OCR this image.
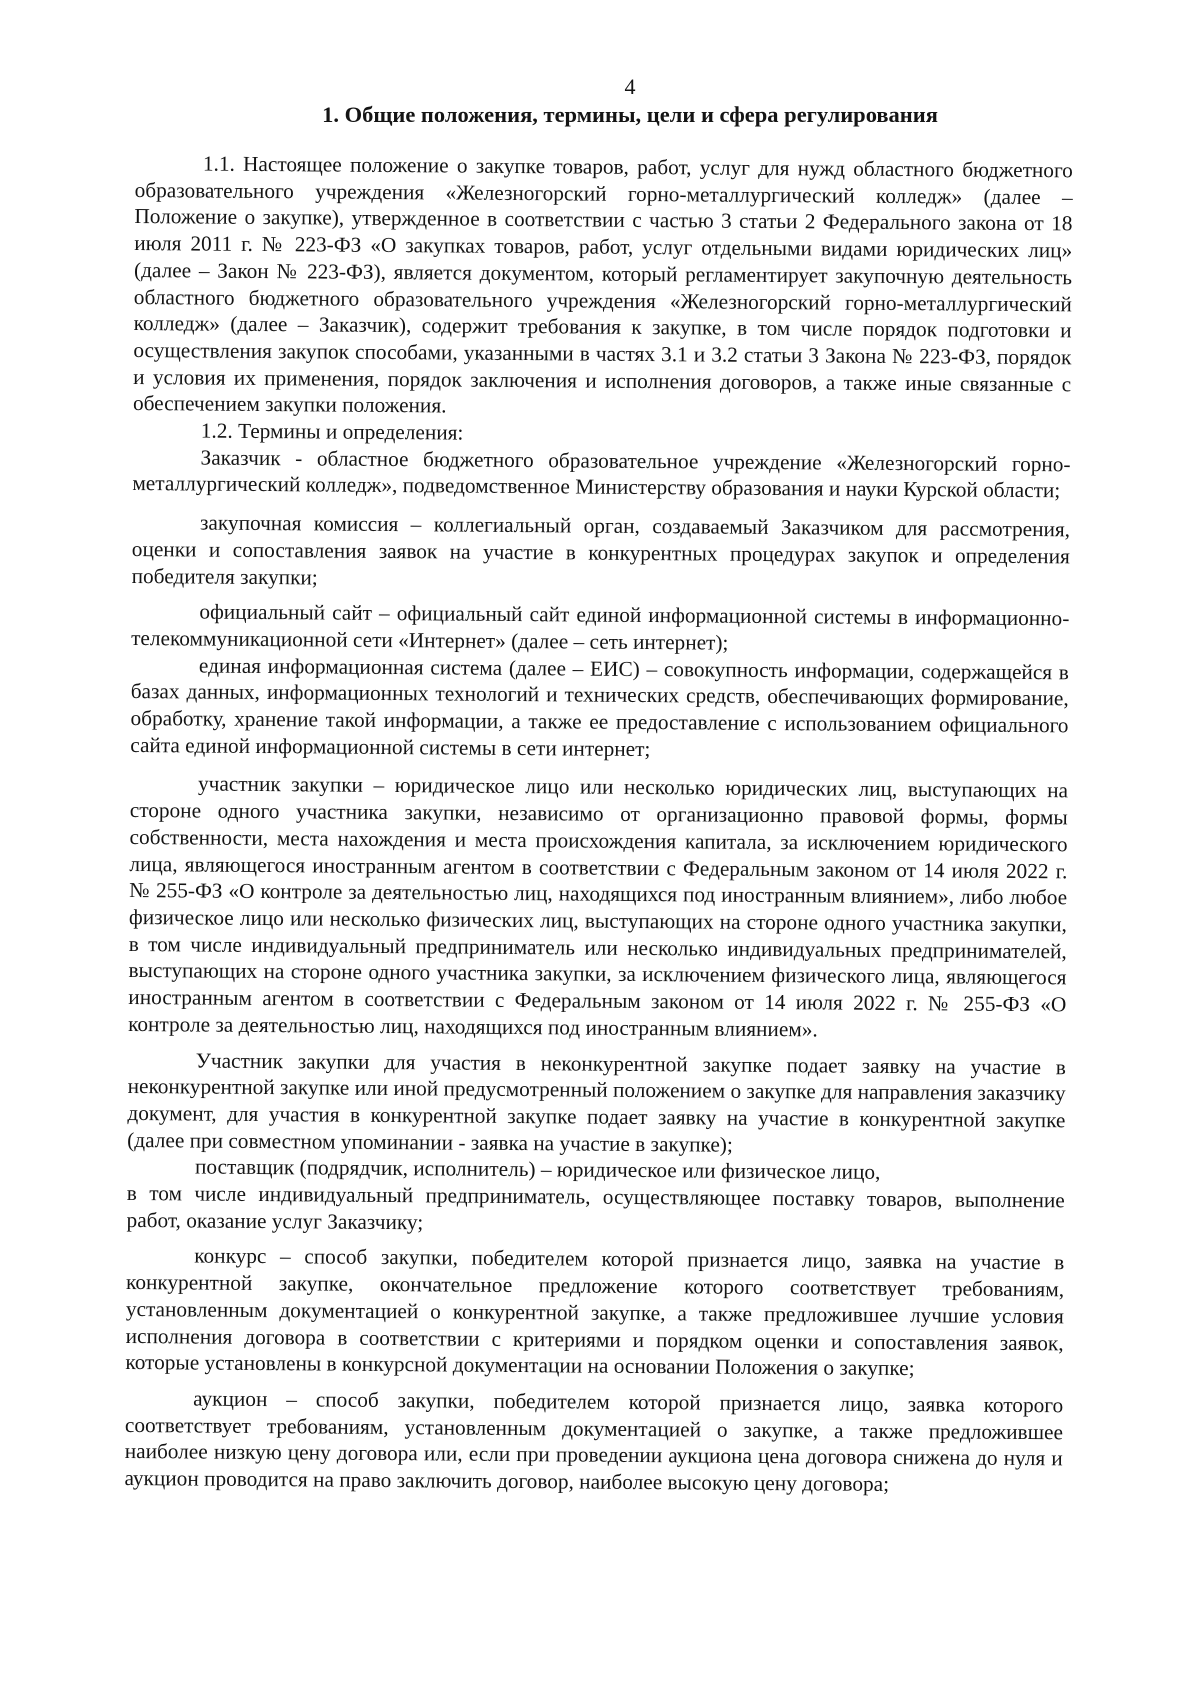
4
1. Общие положения, термины, цели и сфера регулирования

1.1. Настоящее положение о закупке товаров, работ, услуг для нужд областного бюджетного образовательного учреждения «Железногорский горно-металлургический колледж» (далее – Положение о закупке), утвержденное в соответствии с частью 3 статьи 2 Федерального закона от 18 июля 2011 г. № 223-ФЗ «О закупках товаров, работ, услуг отдельными видами юридических лиц» (далее – Закон № 223-ФЗ), является документом, который регламентирует закупочную деятельность областного бюджетного образовательного учреждения «Железногорский горно-металлургический колледж» (далее – Заказчик), содержит требования к закупке, в том числе порядок подготовки и осуществления закупок способами, указанными в частях 3.1 и 3.2 статьи 3 Закона № 223-ФЗ, порядок и условия их применения, порядок заключения и исполнения договоров, а также иные связанные с обеспечением закупки положения.

1.2. Термины и определения:

Заказчик - областное бюджетного образовательное учреждение «Железногорский горно-металлургический колледж», подведомственное Министерству образования и науки Курской области;

закупочная комиссия – коллегиальный орган, создаваемый Заказчиком для рассмотрения, оценки и сопоставления заявок на участие в конкурентных процедурах закупок и определения победителя закупки;

официальный сайт – официальный сайт единой информационной системы в информационно-телекоммуникационной сети «Интернет» (далее – сеть интернет);

единая информационная система (далее – ЕИС) – совокупность информации, содержащейся в базах данных, информационных технологий и технических средств, обеспечивающих формирование, обработку, хранение такой информации, а также ее предоставление с использованием официального сайта единой информационной системы в сети интернет;

участник закупки – юридическое лицо или несколько юридических лиц, выступающих на стороне одного участника закупки, независимо от организационно правовой формы, формы собственности, места нахождения и места происхождения капитала, за исключением юридического лица, являющегося иностранным агентом в соответствии с Федеральным законом от 14 июля 2022 г. № 255-ФЗ «О контроле за деятельностью лиц, находящихся под иностранным влиянием», либо любое физическое лицо или несколько физических лиц, выступающих на стороне одного участника закупки, в том числе индивидуальный предприниматель или несколько индивидуальных предпринимателей, выступающих на стороне одного участника закупки, за исключением физического лица, являющегося иностранным агентом в соответствии с Федеральным законом от 14 июля 2022 г. № 255-ФЗ «О контроле за деятельностью лиц, находящихся под иностранным влиянием».

Участник закупки для участия в неконкурентной закупке подает заявку на участие в неконкурентной закупке или иной предусмотренный положением о закупке для направления заказчику документ, для участия в конкурентной закупке подает заявку на участие в конкурентной закупке (далее при совместном упоминании - заявка на участие в закупке);

поставщик (подрядчик, исполнитель) – юридическое или физическое лицо,

в том числе индивидуальный предприниматель, осуществляющее поставку товаров, выполнение работ, оказание услуг Заказчику;

конкурс – способ закупки, победителем которой признается лицо, заявка на участие в конкурентной закупке, окончательное предложение которого соответствует требованиям, установленным документацией о конкурентной закупке, а также предложившее лучшие условия исполнения договора в соответствии с критериями и порядком оценки и сопоставления заявок, которые установлены в конкурсной документации на основании Положения о закупке;

аукцион – способ закупки, победителем которой признается лицо, заявка которого соответствует требованиям, установленным документацией о закупке, а также предложившее наиболее низкую цену договора или, если при проведении аукциона цена договора снижена до нуля и аукцион проводится на право заключить договор, наиболее высокую цену договора;
